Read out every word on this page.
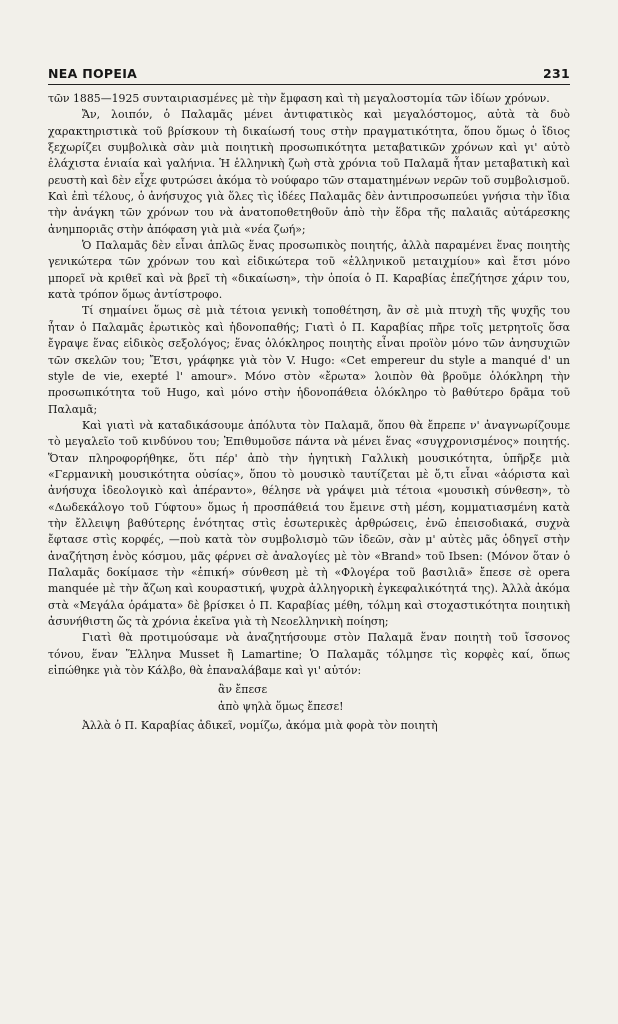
ΝΕΑ ΠΟΡΕΙΑ	231

τῶν 1885—1925 συνταιριασμένες μὲ τὴν ἔμφαση καὶ τὴ μεγαλοστομία τῶν ἰδίων χρόνων.

Ἄν, λοιπόν, ὁ Παλαμᾶς μένει ἀντιφατικὸς καὶ μεγαλόστομος, αὐτὰ τὰ δυὸ χαρακτηριστικὰ τοῦ βρίσκουν τὴ δικαίωσή τους στὴν πραγματικότητα, ὅπου ὅμως ὁ ἴδιος ξεχωρίζει συμβολικὰ σὰν μιὰ ποιητικὴ προσωπικότητα μεταβατικῶν χρόνων καὶ γι' αὐτὸ ἐλάχιστα ἑνιαία καὶ γαλήνια. Ἡ ἑλληνικὴ ζωὴ στὰ χρόνια τοῦ Παλαμᾶ ἦταν μεταβατικὴ καὶ ρευστὴ καὶ δὲν εἶχε φυτρώσει ἀκόμα τὸ νούφαρο τῶν σταματημένων νερῶν τοῦ συμβολισμοῦ. Καὶ ἐπὶ τέλους, ὁ ἀνήσυχος γιὰ ὅλες τὶς ἰδέες Παλαμᾶς δὲν ἀντιπροσωπεύει γνήσια τὴν ἴδια τὴν ἀνάγκη τῶν χρόνων του νὰ ἀνατοποθετηθοῦν ἀπὸ τὴν ἕδρα τῆς παλαιᾶς αὐτάρεσκης ἀνημποριᾶς στὴν ἀπόφαση γιὰ μιὰ «νέα ζωή»;

Ὁ Παλαμᾶς δὲν εἶναι ἁπλῶς ἕνας προσωπικὸς ποιητής, ἀλλὰ παραμένει ἕνας ποιητὴς γενικώτερα τῶν χρόνων του καὶ εἰδικώτερα τοῦ «ἑλληνικοῦ μεταιχμίου» καὶ ἔτσι μόνο μπορεῖ νὰ κριθεῖ καὶ νὰ βρεῖ τὴ «δικαίωση», τὴν ὁποία ὁ Π. Καραβίας ἐπεζήτησε χάριν του, κατὰ τρόπον ὅμως ἀντίστροφο.

Τί σημαίνει ὅμως σὲ μιὰ τέτοια γενικὴ τοποθέτηση, ἂν σὲ μιὰ πτυχὴ τῆς ψυχῆς του ἦταν ὁ Παλαμᾶς ἐρωτικὸς καὶ ἡδονοπαθής; Γιατὶ ὁ Π. Καραβίας πῆρε τοῖς μετρητοῖς ὅσα ἔγραψε ἕνας εἰδικὸς σεξολόγος; ἕνας ὁλόκληρος ποιητὴς εἶναι προϊὸν μόνο τῶν ἀνησυχιῶν τῶν σκελῶν του; Ἔτσι, γράφηκε γιὰ τὸν V. Hugo: «Cet empereur du style a manqué d' un style de vie, exepté l' amour». Μόνο στὸν «ἔρωτα» λοιπὸν θὰ βροῦμε ὁλόκληρη τὴν προσωπικότητα τοῦ Hugo, καὶ μόνο στὴν ἡδονοπάθεια ὁλόκληρο τὸ βαθύτερο δρᾶμα τοῦ Παλαμᾶ;

Καὶ γιατὶ νὰ καταδικάσουμε ἀπόλυτα τὸν Παλαμᾶ, ὅπου θὰ ἔπρεπε ν' ἀναγνωρίζουμε τὸ μεγαλεῖο τοῦ κινδύνου του; Ἐπιθυμοῦσε πάντα νὰ μένει ἕνας «συγχρονισμένος» ποιητής. Ὅταν πληροφορήθηκε, ὅτι πέρ' ἀπὸ τὴν ἡγητικὴ Γαλλικὴ μουσικότητα, ὑπῆρξε μιὰ «Γερμανικὴ μουσικότητα οὐσίας», ὅπου τὸ μουσικὸ ταυτίζεται μὲ ὅ,τι εἶναι «ἀόριστα καὶ ἀνήσυχα ἰδεολογικὸ καὶ ἀπέραντο», θέλησε νὰ γράψει μιὰ τέτοια «μουσικὴ σύνθεση», τὸ «Δωδεκάλογο τοῦ Γύφτου» ὅμως ἡ προσπάθειά του ἔμεινε στὴ μέση, κομματιασμένη κατὰ τὴν ἔλλειψη βαθύτερης ἑνότητας στὶς ἐσωτερικὲς ἀρθρώσεις, ἐνῶ ἐπεισοδιακά, συχνὰ ἔφτασε στὶς κορφές, —ποὺ κατὰ τὸν συμβολισμὸ τῶν ἰδεῶν, σὰν μ' αὐτὲς μᾶς ὁδηγεῖ στὴν ἀναζήτηση ἑνὸς κόσμου, μᾶς φέρνει σὲ ἀναλογίες μὲ τὸν «Brand» τοῦ Ibsen: (Μόνον ὅταν ὁ Παλαμᾶς δοκίμασε τὴν «ἐπική» σύνθεση μὲ τὴ «Φλογέρα τοῦ βασιλιᾶ» ἔπεσε σὲ opera manquée μὲ τὴν ἄζωη καὶ κουραστική, ψυχρὰ ἀλληγορικὴ ἐγκεφαλικότητά της). Ἀλλὰ ἀκόμα στὰ «Μεγάλα ὁράματα» δὲ βρίσκει ὁ Π. Καραβίας μέθη, τόλμη καὶ στοχαστικότητα ποιητικὴ ἀσυνήθιστη ὥς τὰ χρόνια ἐκεῖνα γιὰ τὴ Νεοελληνικὴ ποίηση;

Γιατὶ θὰ προτιμούσαμε νὰ ἀναζητήσουμε στὸν Παλαμᾶ ἕναν ποιητὴ τοῦ ἴσσονος τόνου, ἕναν Ἕλληνα Musset ἢ Lamartine; Ὁ Παλαμᾶς τόλμησε τὶς κορφὲς καί, ὅπως εἰπώθηκε γιὰ τὸν Κάλβο, θὰ ἐπαναλάβαμε καὶ γι' αὐτόν:

ἂν ἔπεσε
ἀπὸ ψηλὰ ὅμως ἔπεσε!

Ἀλλὰ ὁ Π. Καραβίας ἀδικεῖ, νομίζω, ἀκόμα μιὰ φορὰ τὸν ποιητὴ
